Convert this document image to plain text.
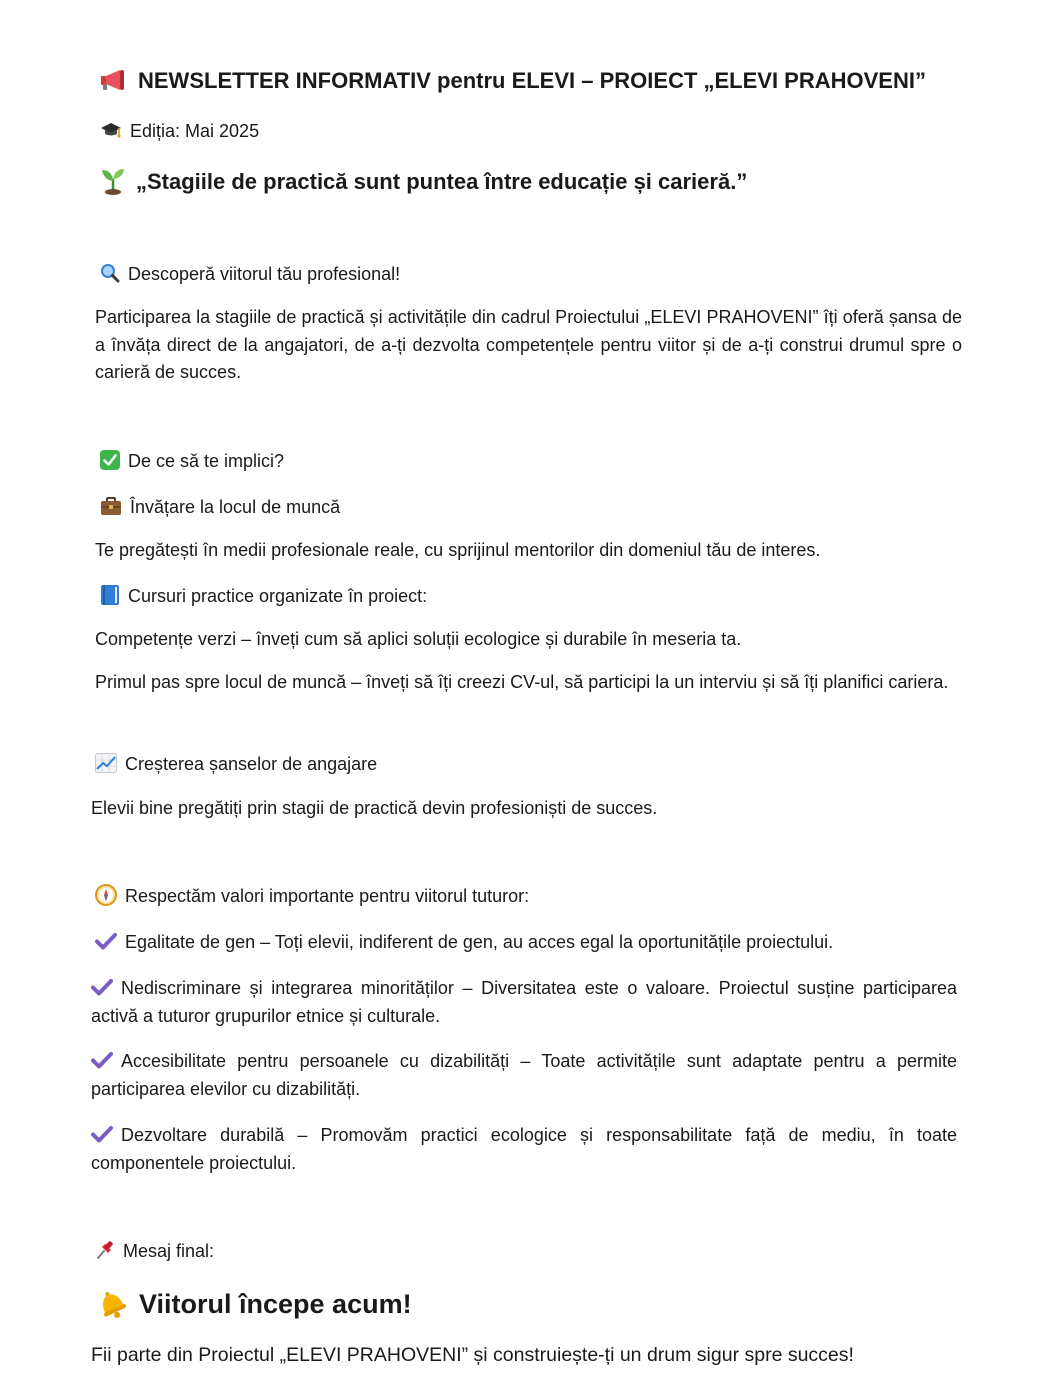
NEWSLETTER INFORMATIV pentru ELEVI – PROIECT „ELEVI PRAHOVENI”
Ediția: Mai 2025
„Stagiile de practică sunt puntea între educație și carieră.”
Descoperă viitorul tău profesional!
Participarea la stagiile de practică și activitățile din cadrul Proiectului „ELEVI PRAHOVENI” îți oferă șansa de a învăța direct de la angajatori, de a-ți dezvolta competențele pentru viitor și de a-ți construi drumul spre o carieră de succes.
De ce să te implici?
Învățare la locul de muncă
Te pregătești în medii profesionale reale, cu sprijinul mentorilor din domeniul tău de interes.
Cursuri practice organizate în proiect:
Competențe verzi – înveți cum să aplici soluții ecologice și durabile în meseria ta.
Primul pas spre locul de muncă – înveți să îți creezi CV-ul, să participi la un interviu și să îți planifici cariera.
Creșterea șanselor de angajare
Elevii bine pregătiți prin stagii de practică devin profesioniști de succes.
Respectăm valori importante pentru viitorul tuturor:
Egalitate de gen – Toți elevii, indiferent de gen, au acces egal la oportunitățile proiectului.
Nediscriminare și integrarea minorităților – Diversitatea este o valoare. Proiectul susține participarea activă a tuturor grupurilor etnice și culturale.
Accesibilitate pentru persoanele cu dizabilități – Toate activitățile sunt adaptate pentru a permite participarea elevilor cu dizabilități.
Dezvoltare durabilă – Promovăm practici ecologice și responsabilitate față de mediu, în toate componentele proiectului.
Mesaj final:
Viitorul începe acum!
Fii parte din Proiectul „ELEVI PRAHOVENI” și construiește-ți un drum sigur spre succes!
